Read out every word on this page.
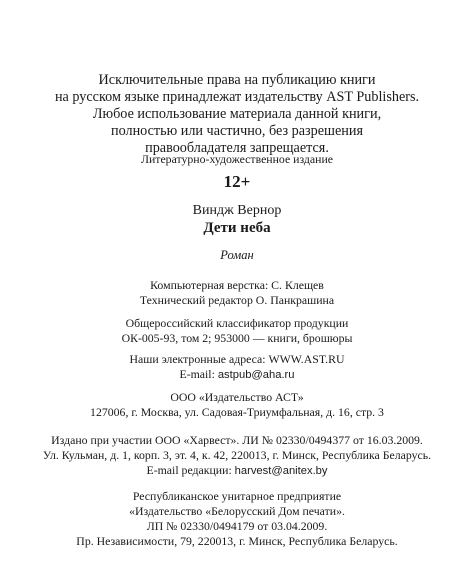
Исключительные права на публикацию книги
на русском языке принадлежат издательству AST Publishers.
Любое использование материала данной книги,
полностью или частично, без разрешения
правообладателя запрещается.
Литературно-художественное издание
12+
Виндж Вернор
Дети неба
Роман
Компьютерная верстка: С. Клещев
Технический редактор О. Панкрашина
Общероссийский классификатор продукции
ОК-005-93, том 2; 953000 — книги, брошюры
Наши электронные адреса: WWW.AST.RU
E-mail: astpub@aha.ru
ООО «Издательство АСТ»
127006, г. Москва, ул. Садовая-Триумфальная, д. 16, стр. 3
Издано при участии ООО «Харвест». ЛИ № 02330/0494377 от 16.03.2009.
Ул. Кульман, д. 1, корп. 3, эт. 4, к. 42, 220013, г. Минск, Республика Беларусь.
E-mail редакции: harvest@anitex.by
Республиканское унитарное предприятие
«Издательство «Белорусский Дом печати».
ЛП № 02330/0494179 от 03.04.2009.
Пр. Независимости, 79, 220013, г. Минск, Республика Беларусь.
